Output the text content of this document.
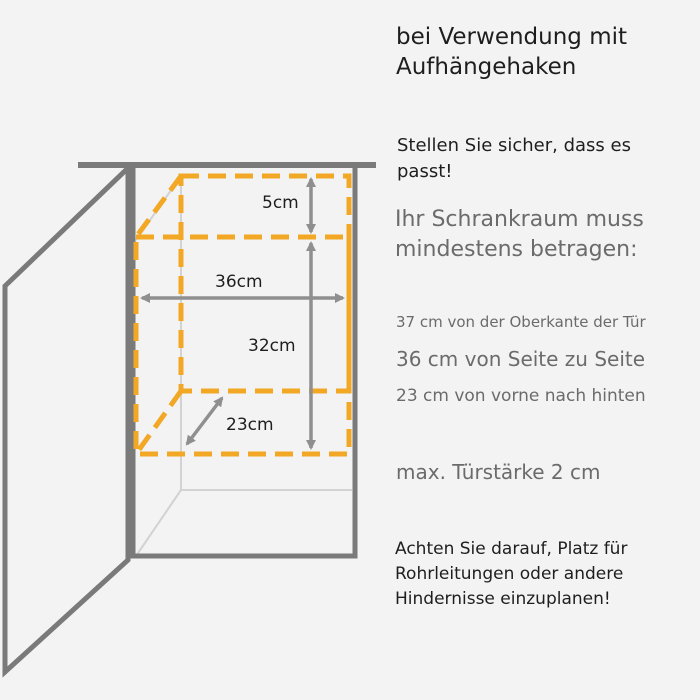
5cm
36cm
32cm
23cm
bei Verwendung mit
Aufhängehaken
Stellen Sie sicher, dass es
passt!
Ihr Schrankraum muss
mindestens betragen:
37 cm von der Oberkante der Tür
36 cm von Seite zu Seite
23 cm von vorne nach hinten
max. Türstärke 2 cm
Achten Sie darauf, Platz für
Rohrleitungen oder andere
Hindernisse einzuplanen!
